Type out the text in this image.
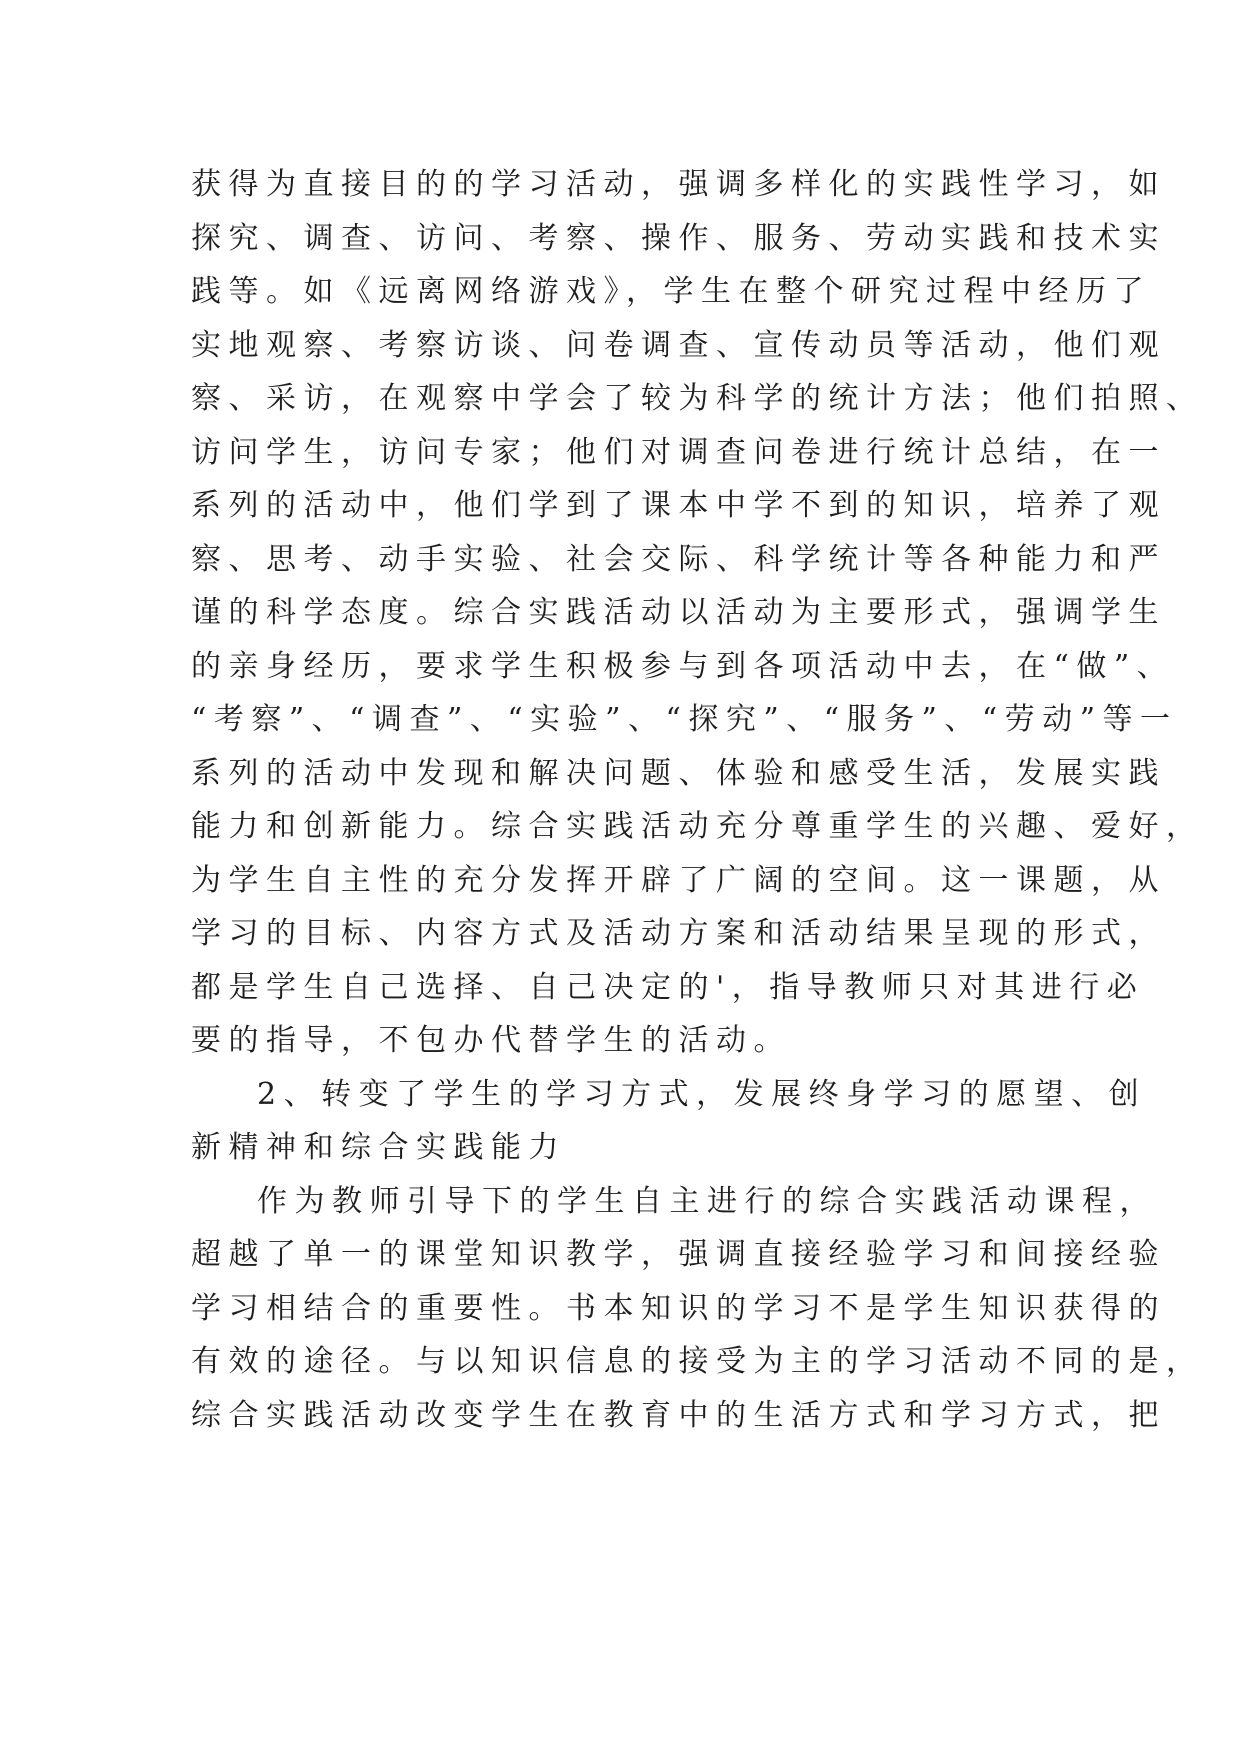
获得为直接目的的学习活动，强调多样化的实践性学习，如
探究、调查、访问、考察、操作、服务、劳动实践和技术实
践等。如《远离网络游戏》，学生在整个研究过程中经历了
实地观察、考察访谈、问卷调查、宣传动员等活动，他们观
察、采访，在观察中学会了较为科学的统计方法；他们拍照、
访问学生，访问专家；他们对调查问卷进行统计总结，在一
系列的活动中，他们学到了课本中学不到的知识，培养了观
察、思考、动手实验、社会交际、科学统计等各种能力和严
谨的科学态度。综合实践活动以活动为主要形式，强调学生
的亲身经历，要求学生积极参与到各项活动中去，在“做”、
“考察”、“调查”、“实验”、“探究”、“服务”、“劳动”等一
系列的活动中发现和解决问题、体验和感受生活，发展实践
能力和创新能力。综合实践活动充分尊重学生的兴趣、爱好，
为学生自主性的充分发挥开辟了广阔的空间。这一课题，从
学习的目标、内容方式及活动方案和活动结果呈现的形式，
都是学生自己选择、自己决定的'，指导教师只对其进行必
要的指导，不包办代替学生的活动。
2、转变了学生的学习方式，发展终身学习的愿望、创
新精神和综合实践能力
作为教师引导下的学生自主进行的综合实践活动课程，
超越了单一的课堂知识教学，强调直接经验学习和间接经验
学习相结合的重要性。书本知识的学习不是学生知识获得的
有效的途径。与以知识信息的接受为主的学习活动不同的是，
综合实践活动改变学生在教育中的生活方式和学习方式，把
